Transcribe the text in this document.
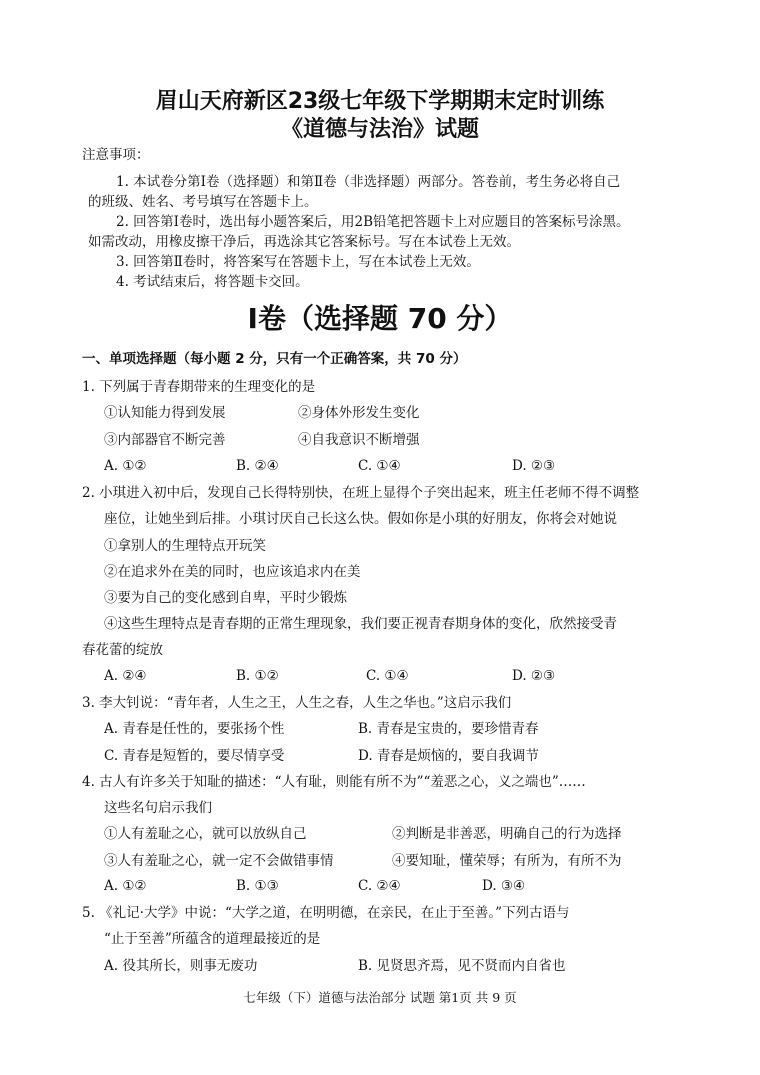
眉山天府新区23级七年级下学期期末定时训练
《道德与法治》试题
注意事项：
1. 本试卷分第Ⅰ卷（选择题）和第Ⅱ卷（非选择题）两部分。答卷前，考生务必将自己
的班级、姓名、考号填写在答题卡上。
2. 回答第Ⅰ卷时，选出每小题答案后，用2B铅笔把答题卡上对应题目的答案标号涂黑。
如需改动，用橡皮擦干净后，再选涂其它答案标号。写在本试卷上无效。
3. 回答第Ⅱ卷时，将答案写在答题卡上，写在本试卷上无效。
4. 考试结束后，将答题卡交回。
Ⅰ卷（选择题 70 分）
一、单项选择题（每小题 2 分，只有一个正确答案，共 70 分）
1. 下列属于青春期带来的生理变化的是
①认知能力得到发展	②身体外形发生变化
③内部器官不断完善	④自我意识不断增强
A. ①②	B. ②④	C. ①④	D. ②③
2. 小琪进入初中后，发现自己长得特别快，在班上显得个子突出起来，班主任老师不得不调整
座位，让她坐到后排。小琪讨厌自己长这么快。假如你是小琪的好朋友，你将会对她说
①拿别人的生理特点开玩笑
②在追求外在美的同时，也应该追求内在美
③要为自己的变化感到自卑，平时少锻炼
④这些生理特点是青春期的正常生理现象，我们要正视青春期身体的变化，欣然接受青
春花蕾的绽放
A. ②④	B. ①②	C. ①④	D. ②③
3. 李大钊说：“青年者，人生之王，人生之春，人生之华也。”这启示我们
A. 青春是任性的，要张扬个性	B. 青春是宝贵的，要珍惜青春
C. 青春是短暂的，要尽情享受	D. 青春是烦恼的，要自我调节
4. 古人有许多关于知耻的描述：“人有耻，则能有所不为”“羞恶之心，义之端也”……
这些名句启示我们
①人有羞耻之心，就可以放纵自己	②判断是非善恶，明确自己的行为选择
③人有羞耻之心，就一定不会做错事情	④要知耻，懂荣辱；有所为，有所不为
A. ①②	B. ①③	C. ②④	D. ③④
5. 《礼记·大学》中说：“大学之道，在明明德，在亲民，在止于至善。”下列古语与
“止于至善”所蕴含的道理最接近的是
A. 役其所长，则事无废功	B. 见贤思齐焉，见不贤而内自省也
七年级（下）道德与法治部分 试题 第1页 共 9 页
